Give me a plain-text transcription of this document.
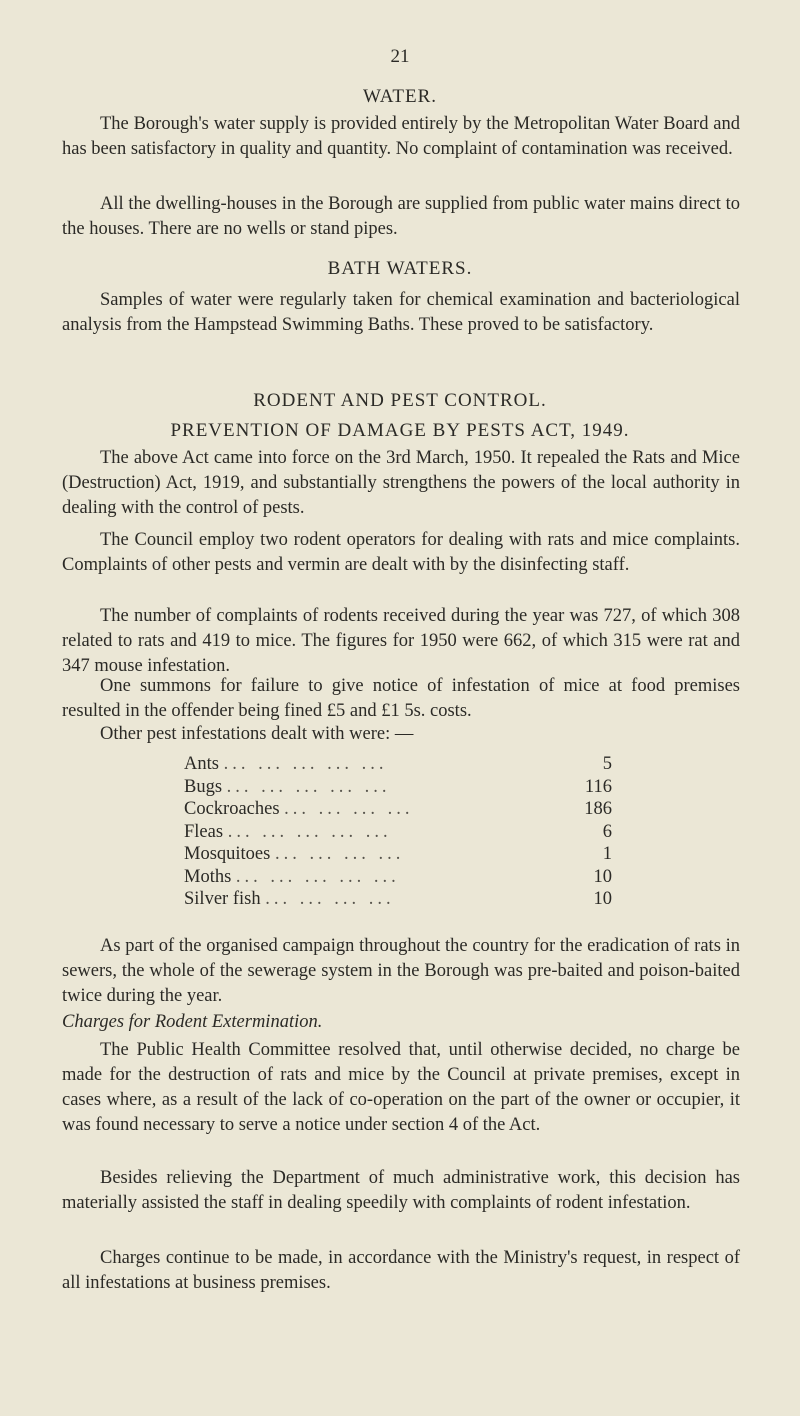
21
WATER.

The Borough's water supply is provided entirely by the Metropolitan Water Board and has been satisfactory in quality and quantity. No complaint of contamination was received.

All the dwelling-houses in the Borough are supplied from public water mains direct to the houses. There are no wells or stand pipes.

BATH WATERS.

Samples of water were regularly taken for chemical examination and bacteriological analysis from the Hampstead Swimming Baths. These proved to be satisfactory.

RODENT AND PEST CONTROL.
PREVENTION OF DAMAGE BY PESTS ACT, 1949.

The above Act came into force on the 3rd March, 1950. It repealed the Rats and Mice (Destruction) Act, 1919, and substantially strengthens the powers of the local authority in dealing with the control of pests.

The Council employ two rodent operators for dealing with rats and mice complaints. Complaints of other pests and vermin are dealt with by the disinfecting staff.

The number of complaints of rodents received during the year was 727, of which 308 related to rats and 419 to mice. The figures for 1950 were 662, of which 315 were rat and 347 mouse infestation.

One summons for failure to give notice of infestation of mice at food premises resulted in the offender being fined £5 and £1 5s. costs.

Other pest infestations dealt with were: —

Ants ... ... ... ... ...	5
Bugs ... ... ... ... ...	116
Cockroaches ... ... ... ...	186
Fleas ... ... ... ... ...	6
Mosquitoes ... ... ... ...	1
Moths ... ... ... ... ...	10
Silver fish ... ... ... ...	10

As part of the organised campaign throughout the country for the eradication of rats in sewers, the whole of the sewerage system in the Borough was pre-baited and poison-baited twice during the year.

Charges for Rodent Extermination.

The Public Health Committee resolved that, until otherwise decided, no charge be made for the destruction of rats and mice by the Council at private premises, except in cases where, as a result of the lack of co-operation on the part of the owner or occupier, it was found necessary to serve a notice under section 4 of the Act.

Besides relieving the Department of much administrative work, this decision has materially assisted the staff in dealing speedily with complaints of rodent infestation.

Charges continue to be made, in accordance with the Ministry's request, in respect of all infestations at business premises.
